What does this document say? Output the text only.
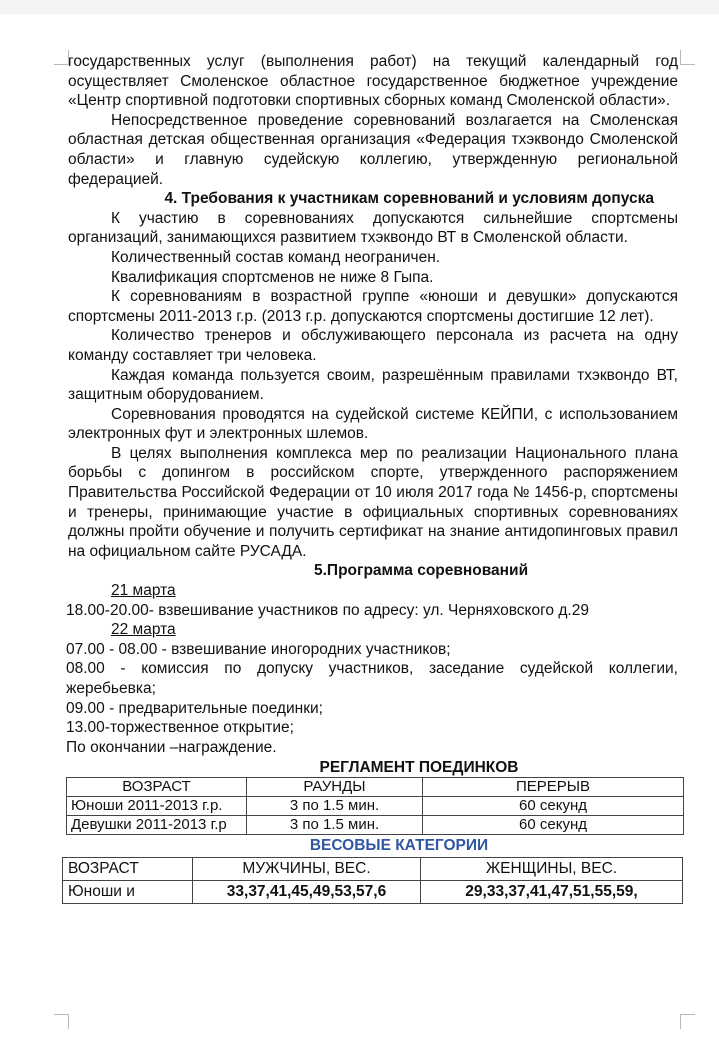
государственных услуг (выполнения работ) на текущий календарный год осуществляет Смоленское областное государственное бюджетное учреждение «Центр спортивной подготовки спортивных сборных команд Смоленской области».

Непосредственное проведение соревнований возлагается на Смоленская областная детская общественная организация «Федерация тхэквондо Смоленской области» и главную судейскую коллегию, утвержденную региональной федерацией.

4. Требования к участникам соревнований и условиям допуска

К участию в соревнованиях допускаются сильнейшие спортсмены организаций, занимающихся развитием тхэквондо ВТ в Смоленской области.

Количественный состав команд неограничен.

Квалификация спортсменов не ниже 8 Гыпа.

К соревнованиям в возрастной группе «юноши и девушки» допускаются спортсмены 2011-2013 г.р. (2013 г.р. допускаются спортсмены достигшие 12 лет).

Количество тренеров и обслуживающего персонала из расчета на одну команду составляет три человека.

Каждая команда пользуется своим, разрешённым правилами тхэквондо ВТ, защитным оборудованием.

Соревнования проводятся на судейской системе КЕЙПИ, с использованием электронных фут и электронных шлемов.

В целях выполнения комплекса мер по реализации Национального плана борьбы с допингом в российском спорте, утвержденного распоряжением Правительства Российской Федерации от 10 июля 2017 года № 1456-р, спортсмены и тренеры, принимающие участие в официальных спортивных соревнованиях должны пройти обучение и получить сертификат на знание антидопинговых правил на официальном сайте РУСАДА.

5.Программа соревнований
21 марта
18.00-20.00- взвешивание участников по адресу: ул. Черняховского д.29
22 марта
07.00 - 08.00 - взвешивание иногородних участников;

08.00 - комиссия по допуску участников, заседание судейской коллегии, жеребьевка;

09.00 - предварительные поединки;
13.00-торжественное открытие;
По окончании –награждение.
РЕГЛАМЕНТ ПОЕДИНКОВ
ВОЗРАСТ	РАУНДЫ	ПЕРЕРЫВ
Юноши 2011-2013 г.р.	3 по 1.5 мин.	60 секунд
Девушки 2011-2013 г.р	3 по 1.5 мин.	60 секунд
ВЕСОВЫЕ КАТЕГОРИИ
ВОЗРАСТ	МУЖЧИНЫ, ВЕС.	ЖЕНЩИНЫ, ВЕС.
Юноши и	33,37,41,45,49,53,57,6	29,33,37,41,47,51,55,59,
